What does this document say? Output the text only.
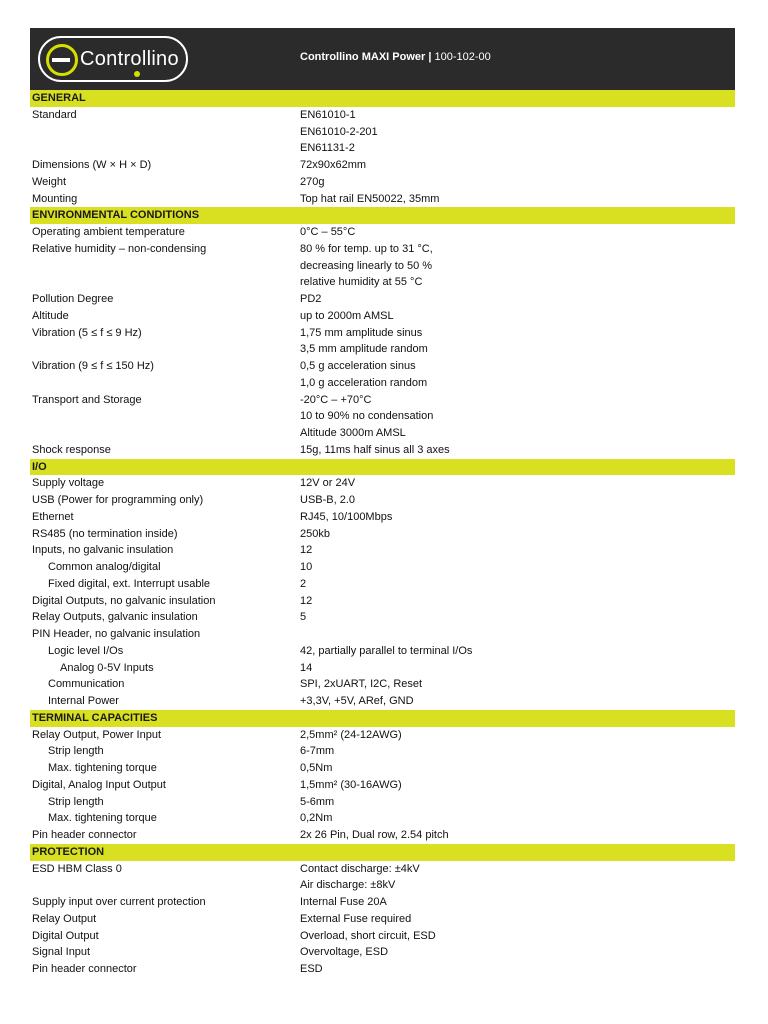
Controllino	Controllino MAXI Power | 100-102-00
GENERAL
Standard	EN61010-1
EN61010-2-201
EN61131-2
Dimensions (W × H × D)	72x90x62mm
Weight	270g
Mounting	Top hat rail EN50022, 35mm
ENVIRONMENTAL CONDITIONS
Operating ambient temperature	0°C – 55°C
Relative humidity – non-condensing	80 % for temp. up to 31 °C,
decreasing linearly to 50 %
relative humidity at 55 °C
Pollution Degree	PD2
Altitude	up to 2000m AMSL
Vibration (5 ≤ f ≤ 9 Hz)	1,75 mm amplitude sinus
3,5 mm amplitude random
Vibration (9 ≤ f ≤ 150 Hz)	0,5 g acceleration sinus
1,0 g acceleration random
Transport and Storage	-20°C – +70°C
10 to 90% no condensation
Altitude 3000m AMSL
Shock response	15g, 11ms half sinus all 3 axes
I/O
Supply voltage	12V or 24V
USB (Power for programming only)	USB-B, 2.0
Ethernet	RJ45, 10/100Mbps
RS485 (no termination inside)	250kb
Inputs, no galvanic insulation	12
Common analog/digital	10
Fixed digital, ext. Interrupt usable	2
Digital Outputs, no galvanic insulation	12
Relay Outputs, galvanic insulation	5
PIN Header, no galvanic insulation
Logic level I/Os	42, partially parallel to terminal I/Os
Analog 0-5V Inputs	14
Communication	SPI, 2xUART, I2C, Reset
Internal Power	+3,3V, +5V, ARef, GND
TERMINAL CAPACITIES
Relay Output, Power Input	2,5mm² (24-12AWG)
Strip length	6-7mm
Max. tightening torque	0,5Nm
Digital, Analog Input Output	1,5mm² (30-16AWG)
Strip length	5-6mm
Max. tightening torque	0,2Nm
Pin header connector	2x 26 Pin, Dual row, 2.54 pitch
PROTECTION
ESD HBM Class 0	Contact discharge: ±4kV
Air discharge: ±8kV
Supply input over current protection	Internal Fuse 20A
Relay Output	External Fuse required
Digital Output	Overload, short circuit, ESD
Signal Input	Overvoltage, ESD
Pin header connector	ESD
